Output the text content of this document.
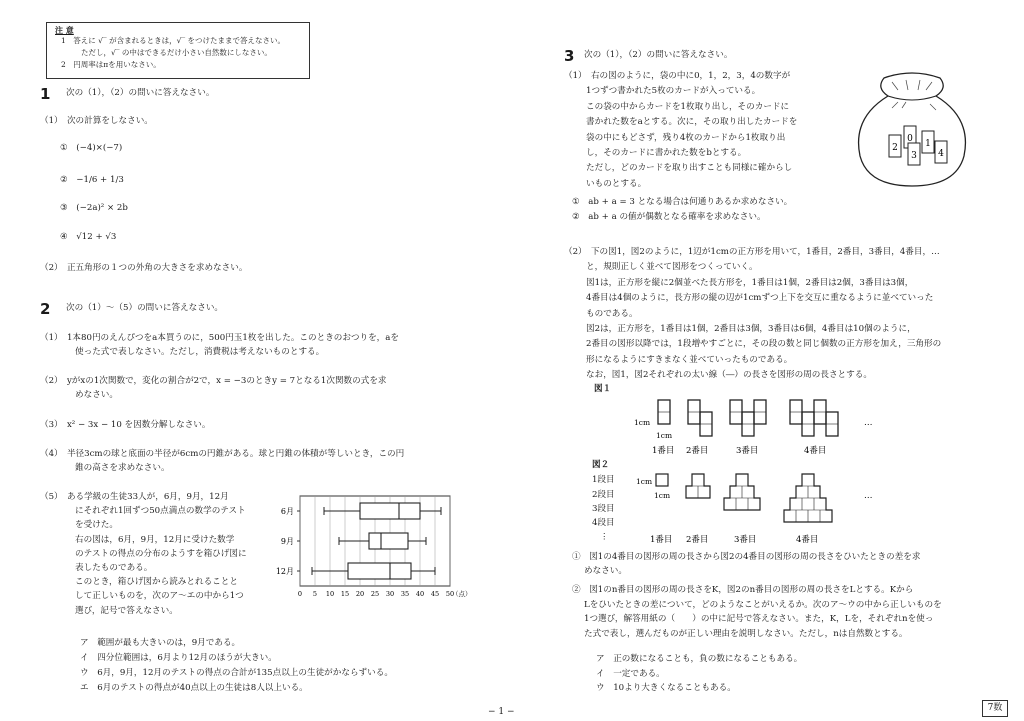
注 意
1　答えに √‾ が含まれるときは，√‾ をつけたままで答えなさい。
ただし，√‾ の中はできるだけ小さい自然数にしなさい。
2　円周率はπを用いなさい。
1 次の（1），（2）の問いに答えなさい。
（1）　次の計算をしなさい。
①　(−4)×(−7)
②　−1/6 + 1/3
③　(−2a)² × 2b
④　√12 + √3
（2）　正五角形の１つの外角の大きさを求めなさい。
2 次の（1）～（5）の問いに答えなさい。
（1）　1本80円のえんぴつをa本買うのに，500円玉1枚を出した。このときのおつりを，aを
使った式で表しなさい。ただし，消費税は考えないものとする。
（2）　yがxの1次関数で，変化の割合が2で，x = −3のときy = 7となる1次関数の式を求
めなさい。
（3）　x² − 3x − 10 を因数分解しなさい。
（4）　半径3cmの球と底面の半径が6cmの円錐がある。球と円錐の体積が等しいとき，この円
錐の高さを求めなさい。
（5）　ある学級の生徒33人が，6月，9月，12月
にそれぞれ1回ずつ50点満点の数学のテスト
を受けた。
右の図は，6月，9月，12月に受けた数学
のテストの得点の分布のようすを箱ひげ図に
表したものである。
このとき，箱ひげ図から読みとれることと
して正しいものを，次のア～エの中から1つ
選び，記号で答えなさい。
0 5 10 15 20 25 30 35 40 45 50
（点）
6月
9月
12月
ア　範囲が最も大きいのは，9月である。
イ　四分位範囲は，6月より12月のほうが大きい。
ウ　6月，9月，12月のテストの得点の合計が135点以上の生徒がかならずいる。
エ　6月のテストの得点が40点以上の生徒は8人以上いる。
3 次の（1），（2）の問いに答えなさい。
（1）　右の図のように，袋の中に0，1，2，3，4の数字が
1つずつ書かれた5枚のカードが入っている。
この袋の中からカードを1枚取り出し，そのカードに
書かれた数をaとする。次に，その取り出したカードを
袋の中にもどさず，残り4枚のカードから1枚取り出
し，そのカードに書かれた数をbとする。
ただし，どのカードを取り出すことも同様に確からし
いものとする。
①　ab + a = 3 となる場合は何通りあるか求めなさい。
②　ab + a の値が偶数となる確率を求めなさい。
2
0 1
3 4
（2）　下の図1，図2のように，1辺が1cmの正方形を用いて，1番目，2番目，3番目，4番目，…
と，規則正しく並べて図形をつくっていく。
図1は，正方形を縦に2個並べた長方形を，1番目は1個，2番目は2個，3番目は3個，
4番目は4個のように，長方形の縦の辺が1cmずつ上下を交互に重なるように並べていった
ものである。
図2は，正方形を，1番目は1個，2番目は3個，3番目は6個，4番目は10個のように，
2番目の図形以降では，1段増やすごとに，その段の数と同じ個数の正方形を加え，三角形の
形になるようにすきまなく並べていったものである。
なお，図1，図2それぞれの太い線（―）の長さを図形の周の長さとする。
図１
1cm
1cm
1番目 2番目	3番目	4番目
…
図２
1段目
2段目
3段目
4段目
⋮
1cm
1cm
1番目 2番目	3番目	4番目
…
①　図1の4番目の図形の周の長さから図2の4番目の図形の周の長さをひいたときの差を求
めなさい。
②　図1のn番目の図形の周の長さをK，図2のn番目の図形の周の長さをLとする。Kから
Lをひいたときの差について，どのようなことがいえるか。次のア～ウの中から正しいものを
1つ選び，解答用紙の（　　）の中に記号で答えなさい。また，K，Lを，それぞれnを使っ
た式で表し，選んだものが正しい理由を説明しなさい。ただし，nは自然数とする。
ア　正の数になることも，負の数になることもある。
イ　一定である。
ウ　10より大きくなることもある。
− 1 −	7数
